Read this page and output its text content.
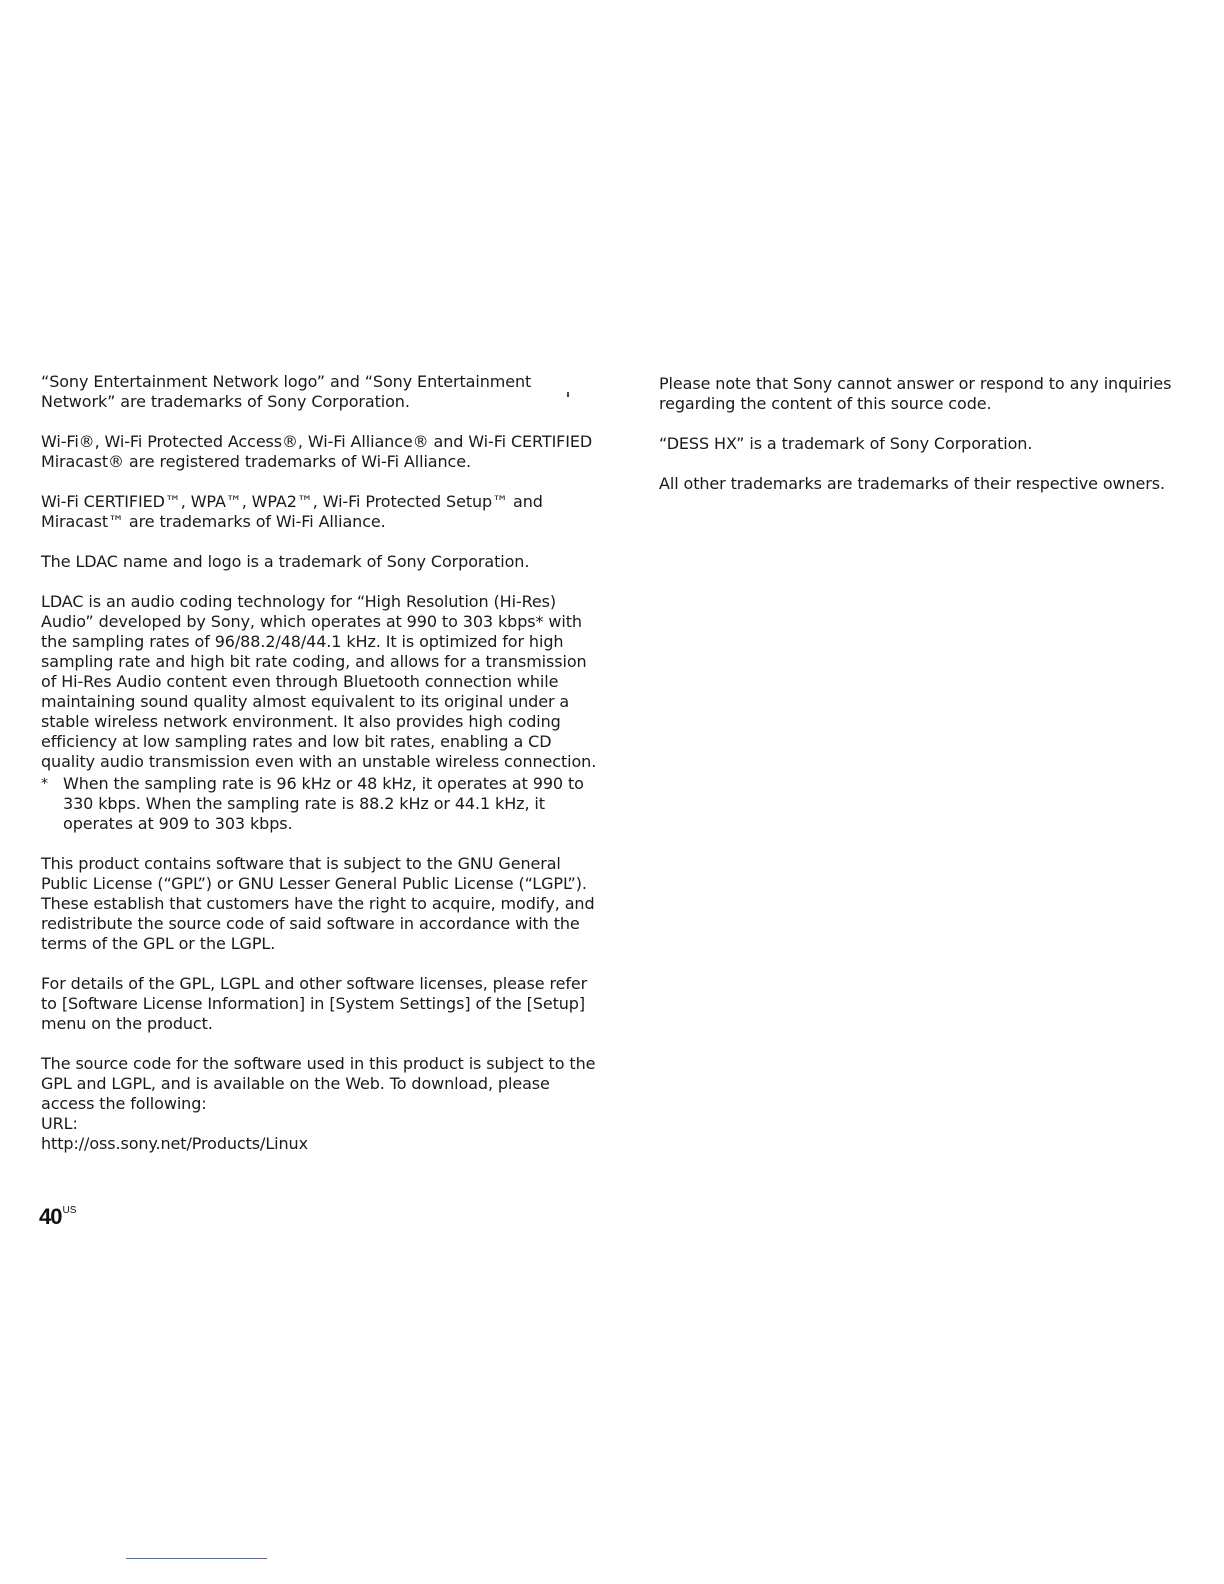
“Sony Entertainment Network logo” and “Sony Entertainment Network” are trademarks of Sony Corporation.

Wi-Fi®, Wi-Fi Protected Access®, Wi-Fi Alliance® and Wi-Fi CERTIFIED Miracast® are registered trademarks of Wi-Fi Alliance.

Wi-Fi CERTIFIED™, WPA™, WPA2™, Wi-Fi Protected Setup™ and Miracast™ are trademarks of Wi-Fi Alliance.

The LDAC name and logo is a trademark of Sony Corporation.

LDAC is an audio coding technology for “High Resolution (Hi-Res) Audio” developed by Sony, which operates at 990 to 303 kbps* with the sampling rates of 96/88.2/48/44.1 kHz. It is optimized for high sampling rate and high bit rate coding, and allows for a transmission of Hi-Res Audio content even through Bluetooth connection while maintaining sound quality almost equivalent to its original under a stable wireless network environment. It also provides high coding efficiency at low sampling rates and low bit rates, enabling a CD quality audio transmission even with an unstable wireless connection.

* When the sampling rate is 96 kHz or 48 kHz, it operates at 990 to 330 kbps. When the sampling rate is 88.2 kHz or 44.1 kHz, it operates at 909 to 303 kbps.

This product contains software that is subject to the GNU General Public License (“GPL”) or GNU Lesser General Public License (“LGPL”). These establish that customers have the right to acquire, modify, and redistribute the source code of said software in accordance with the terms of the GPL or the LGPL.

For details of the GPL, LGPL and other software licenses, please refer to [Software License Information] in [System Settings] of the [Setup] menu on the product.

The source code for the software used in this product is subject to the GPL and LGPL, and is available on the Web. To download, please access the following:

URL:

http://oss.sony.net/Products/Linux

Please note that Sony cannot answer or respond to any inquiries regarding the content of this source code.

“DESS HX” is a trademark of Sony Corporation.

All other trademarks are trademarks of their respective owners.

$40^{US}$
